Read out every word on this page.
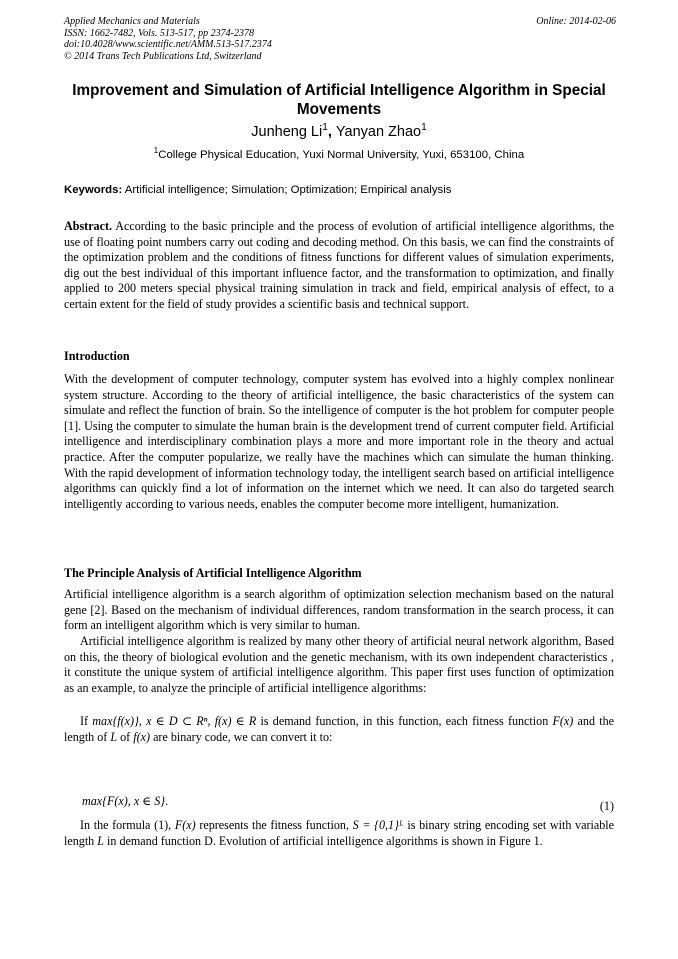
Applied Mechanics and Materials
ISSN: 1662-7482, Vols. 513-517, pp 2374-2378
doi:10.4028/www.scientific.net/AMM.513-517.2374
© 2014 Trans Tech Publications Ltd, Switzerland
Online: 2014-02-06
Improvement and Simulation of Artificial Intelligence Algorithm in Special Movements
Junheng Li$^1$, Yanyan Zhao$^1$
$^1$College Physical Education, Yuxi Normal University, Yuxi, 653100, China
Keywords: Artificial intelligence; Simulation; Optimization; Empirical analysis
Abstract. According to the basic principle and the process of evolution of artificial intelligence algorithms, the use of floating point numbers carry out coding and decoding method. On this basis, we can find the constraints of the optimization problem and the conditions of fitness functions for different values of simulation experiments, dig out the best individual of this important influence factor, and the transformation to optimization, and finally applied to 200 meters special physical training simulation in track and field, empirical analysis of effect, to a certain extent for the field of study provides a scientific basis and technical support.
Introduction
With the development of computer technology, computer system has evolved into a highly complex nonlinear system structure. According to the theory of artificial intelligence, the basic characteristics of the system can simulate and reflect the function of brain. So the intelligence of computer is the hot problem for computer people [1]. Using the computer to simulate the human brain is the development trend of current computer field. Artificial intelligence and interdisciplinary combination plays a more and more important role in the theory and actual practice. After the computer popularize, we really have the machines which can simulate the human thinking. With the rapid development of information technology today, the intelligent search based on artificial intelligence algorithms can quickly find a lot of information on the internet which we need. It can also do targeted search intelligently according to various needs, enables the computer become more intelligent, humanization.
The Principle Analysis of Artificial Intelligence Algorithm
Artificial intelligence algorithm is a search algorithm of optimization selection mechanism based on the natural gene [2]. Based on the mechanism of individual differences, random transformation in the search process, it can form an intelligent algorithm which is very similar to human.
Artificial intelligence algorithm is realized by many other theory of artificial neural network algorithm, Based on this, the theory of biological evolution and the genetic mechanism, with its own independent characteristics , it constitute the unique system of artificial intelligence algorithm. This paper first uses function of optimization as an example, to analyze the principle of artificial intelligence algorithms:
If max{f(x)}, x ∈ D ⊂ Rⁿ, f(x) ∈ R is demand function, in this function, each fitness function F(x) and the length of L of f(x) are binary code, we can convert it to:
max{F(x), x ∈ S}.	(1)
In the formula (1), F(x) represents the fitness function, S = {0,1}ᴸ is binary string encoding set with variable length L in demand function D. Evolution of artificial intelligence algorithms is shown in Figure 1.
